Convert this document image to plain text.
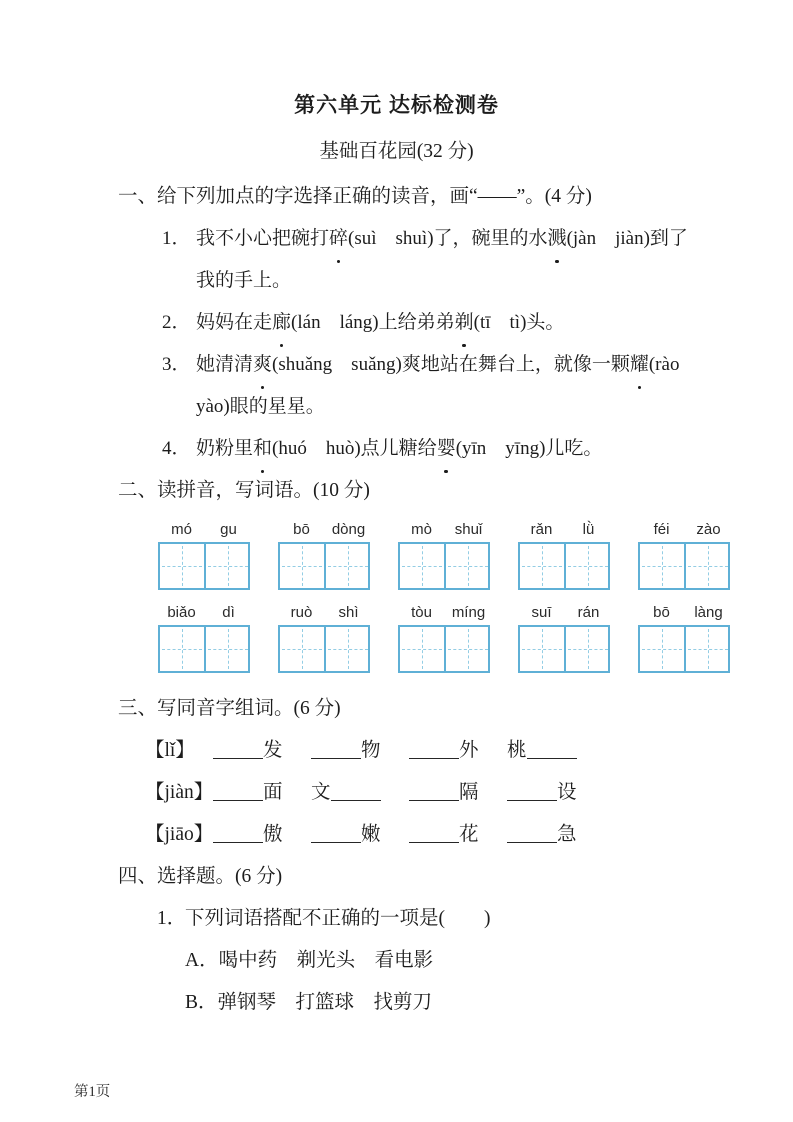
第六单元 达标检测卷
基础百花园(32 分)
一、给下列加点的字选择正确的读音，画“——”。(4 分)
1． 我不小心把碗打碎(suì　shuì)了，碗里的水溅(jàn　jiàn)到了
我的手上。
2． 妈妈在走廊(lán　láng)上给弟弟剃(tī　tì)头。
3． 她清清爽(shuǎng　suǎng)爽地站在舞台上，就像一颗耀(rào
yào)眼的星星。
4． 奶粉里和(huó　huò)点儿糖给婴(yīn　yīng)儿吃。
二、读拼音，写词语。(10 分)
mó	gu	bō	dòng	mò	shuǐ	rǎn	lǜ	féi	zào
biǎo	dì	ruò	shì	tòu	míng	suī	rán	bō	làng
三、写同音字组词。(6 分)
【lǐ】	发	物	外	桃
【jiàn】	面	文	隔	设
【jiāo】	傲	嫩	花	急
四、选择题。(6 分)
1．
下列词语搭配不正确的一项是(　　)
A．喝中药　剃光头　看电影
B．弹钢琴　打篮球　找剪刀
第1页
